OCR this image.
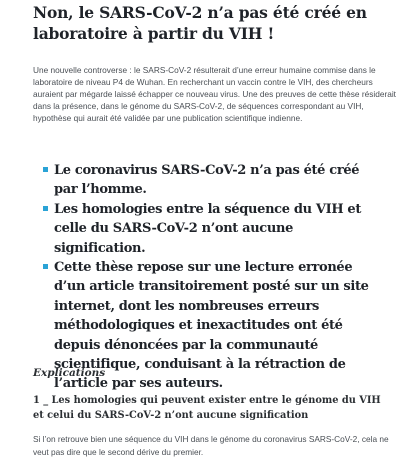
Non, le SARS-CoV-2 n’a pas été créé en laboratoire à partir du VIH !

Une nouvelle controverse : le SARS-CoV-2 résulterait d’une erreur humaine commise dans le laboratoire de niveau P4 de Wuhan. En recherchant un vaccin contre le VIH, des chercheurs auraient par mégarde laissé échapper ce nouveau virus. Une des preuves de cette thèse résiderait dans la présence, dans le génome du SARS-CoV-2, de séquences correspondant au VIH, hypothèse qui aurait été validée par une publication scientifique indienne.

Le coronavirus SARS-CoV-2 n’a pas été créé par l’homme.
Les homologies entre la séquence du VIH et celle du SARS-CoV-2 n’ont aucune signification.
Cette thèse repose sur une lecture erronée d’un article transitoirement posté sur un site internet, dont les nombreuses erreurs méthodologiques et inexactitudes ont été depuis dénoncées par la communauté scientifique, conduisant à la rétraction de l’article par ses auteurs.
Explications
1 _ Les homologies qui peuvent exister entre le génome du VIH et celui du SARS-CoV-2 n’ont aucune signification

Si l’on retrouve bien une séquence du VIH dans le génome du coronavirus SARS-CoV-2, cela ne veut pas dire que le second dérive du premier.
